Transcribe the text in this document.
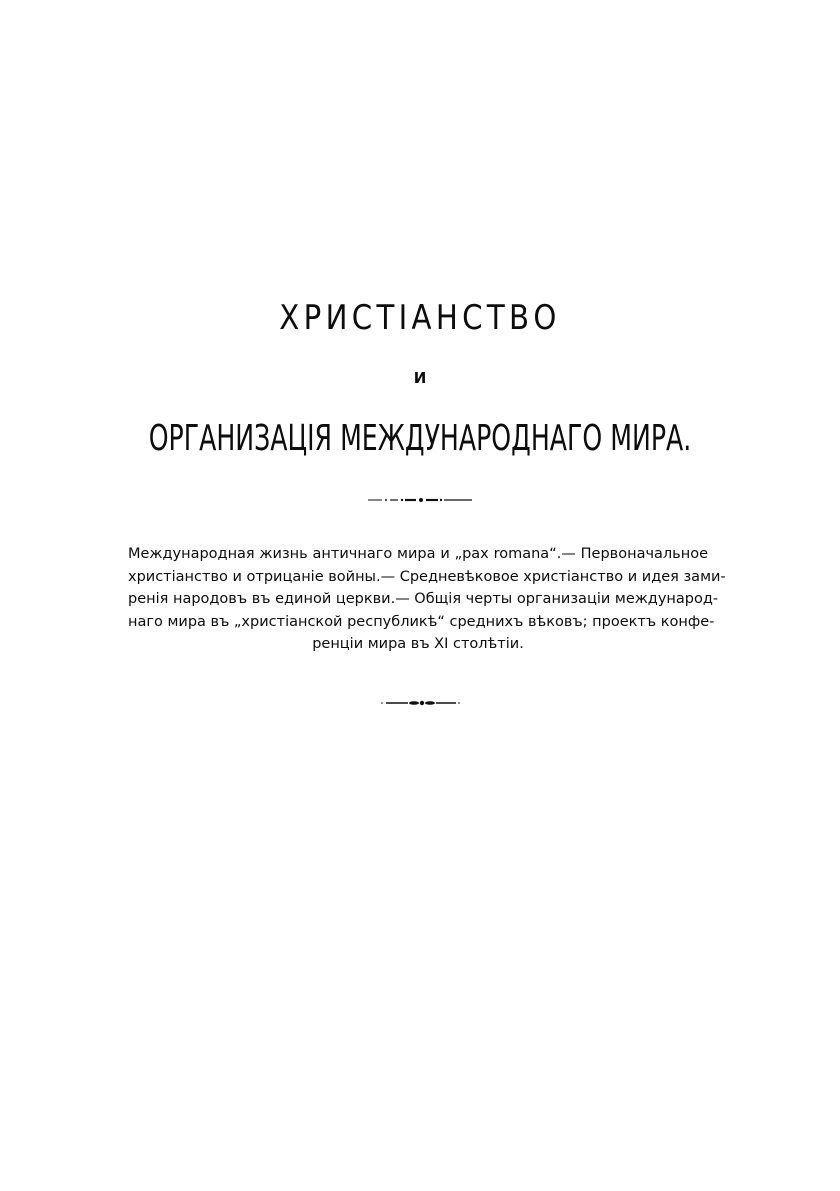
ХРИСТІАНСТВО
И
ОРГАНИЗАЦІЯ МЕЖДУНАРОДНАГО МИРА.
Международная жизнь античнаго мира и „pax romana“.— Первоначальное
христіанство и отрицаніе войны.— Средневѣковое христіанство и идея зами-
ренія народовъ въ единой церкви.— Общія черты организаціи международ-
наго мира въ „христіанской республикѣ“ среднихъ вѣковъ; проектъ конфе-
ренціи мира въ XI столѣтіи.
